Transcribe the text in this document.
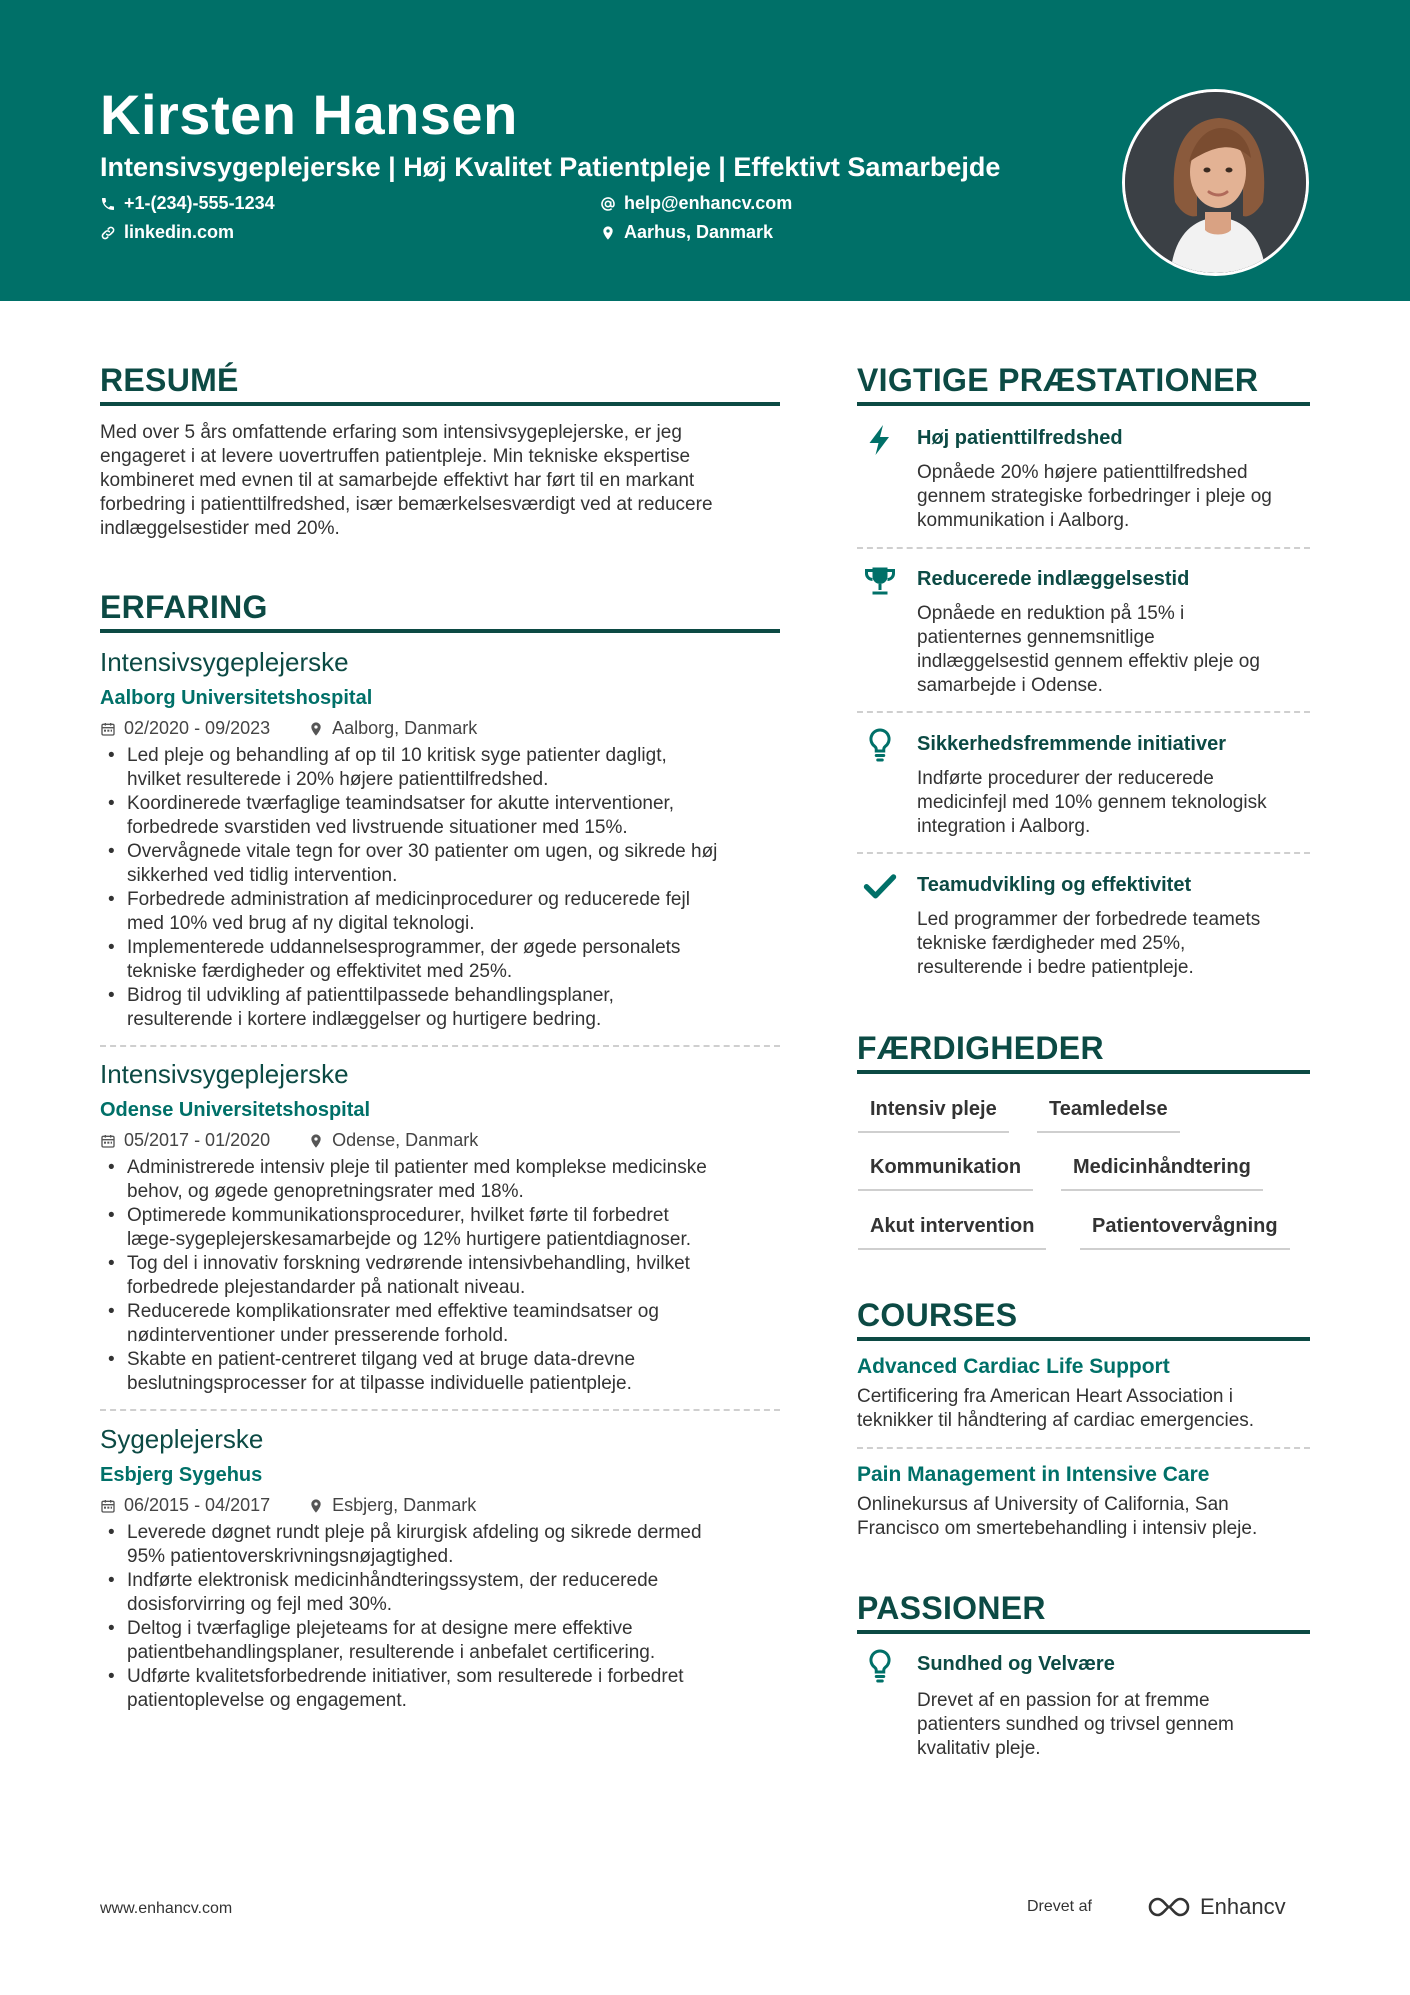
Kirsten Hansen
Intensivsygeplejerske | Høj Kvalitet Patientpleje | Effektivt Samarbejde
+1-(234)-555-1234	help@enhancv.com
linkedin.com	Aarhus, Danmark
RESUMÉ
Med over 5 års omfattende erfaring som intensivsygeplejerske, er jeg
engageret i at levere uovertruffen patientpleje. Min tekniske ekspertise
kombineret med evnen til at samarbejde effektivt har ført til en markant
forbedring i patienttilfredshed, især bemærkelsesværdigt ved at reducere
indlæggelsestider med 20%.
ERFARING
Intensivsygeplejerske
Aalborg Universitetshospital
02/2020 - 09/2023	Aalborg, Danmark
• Led pleje og behandling af op til 10 kritisk syge patienter dagligt,
hvilket resulterede i 20% højere patienttilfredshed.
• Koordinerede tværfaglige teamindsatser for akutte interventioner,
forbedrede svarstiden ved livstruende situationer med 15%.
• Overvågnede vitale tegn for over 30 patienter om ugen, og sikrede høj
sikkerhed ved tidlig intervention.
• Forbedrede administration af medicinprocedurer og reducerede fejl
med 10% ved brug af ny digital teknologi.
• Implementerede uddannelsesprogrammer, der øgede personalets
tekniske færdigheder og effektivitet med 25%.
• Bidrog til udvikling af patienttilpassede behandlingsplaner,
resulterende i kortere indlæggelser og hurtigere bedring.
Intensivsygeplejerske
Odense Universitetshospital
05/2017 - 01/2020	Odense, Danmark
• Administrerede intensiv pleje til patienter med komplekse medicinske
behov, og øgede genopretningsrater med 18%.
• Optimerede kommunikationsprocedurer, hvilket førte til forbedret
læge-sygeplejerskesamarbejde og 12% hurtigere patientdiagnoser.
• Tog del i innovativ forskning vedrørende intensivbehandling, hvilket
forbedrede plejestandarder på nationalt niveau.
• Reducerede komplikationsrater med effektive teamindsatser og
nødinterventioner under presserende forhold.
• Skabte en patient-centreret tilgang ved at bruge data-drevne
beslutningsprocesser for at tilpasse individuelle patientpleje.
Sygeplejerske
Esbjerg Sygehus
06/2015 - 04/2017	Esbjerg, Danmark
• Leverede døgnet rundt pleje på kirurgisk afdeling og sikrede dermed
95% patientoverskrivningsnøjagtighed.
• Indførte elektronisk medicinhåndteringssystem, der reducerede
dosisforvirring og fejl med 30%.
• Deltog i tværfaglige plejeteams for at designe mere effektive
patientbehandlingsplaner, resulterende i anbefalet certificering.
• Udførte kvalitetsforbedrende initiativer, som resulterede i forbedret
patientoplevelse og engagement.
VIGTIGE PRÆSTATIONER
Høj patienttilfredshed
Opnåede 20% højere patienttilfredshed
gennem strategiske forbedringer i pleje og
kommunikation i Aalborg.
Reducerede indlæggelsestid
Opnåede en reduktion på 15% i
patienternes gennemsnitlige
indlæggelsestid gennem effektiv pleje og
samarbejde i Odense.
Sikkerhedsfremmende initiativer
Indførte procedurer der reducerede
medicinfejl med 10% gennem teknologisk
integration i Aalborg.
Teamudvikling og effektivitet
Led programmer der forbedrede teamets
tekniske færdigheder med 25%,
resulterende i bedre patientpleje.
FÆRDIGHEDER
Intensiv pleje	Teamledelse
Kommunikation	Medicinhåndtering
Akut intervention	Patientovervågning
COURSES
Advanced Cardiac Life Support
Certificering fra American Heart Association i
teknikker til håndtering af cardiac emergencies.
Pain Management in Intensive Care
Onlinekursus af University of California, San
Francisco om smertebehandling i intensiv pleje.
PASSIONER
Sundhed og Velvære
Drevet af en passion for at fremme
patienters sundhed og trivsel gennem
kvalitativ pleje.
www.enhancv.com	Drevet af	Enhancv
